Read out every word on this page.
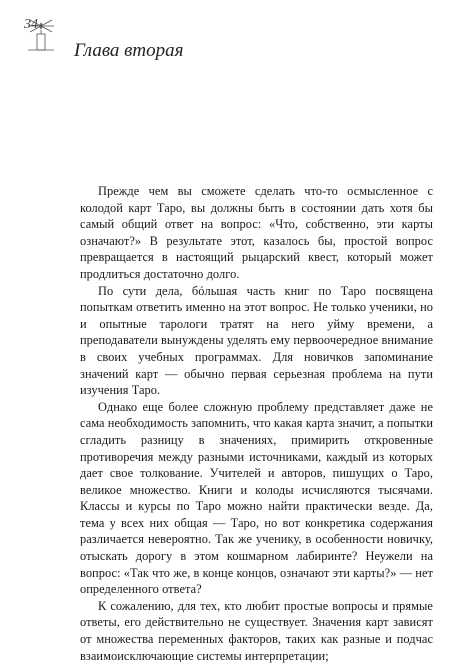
34
Глава вторая

Прежде чем вы сможете сделать что-то осмысленное с колодой карт Таро, вы должны быть в состоянии дать хотя бы самый общий ответ на вопрос: «Что, собственно, эти карты означают?» В результате этот, казалось бы, простой вопрос превращается в настоящий рыцарский квест, который может продлиться достаточно долго.

По сути дела, бóльшая часть книг по Таро посвящена попыткам ответить именно на этот вопрос. Не только ученики, но и опытные тарологи тратят на него уйму времени, а преподаватели вынуждены уделять ему первоочередное внимание в своих учебных программах. Для новичков запоминание значений карт — обычно первая серьезная проблема на пути изучения Таро.

Однако еще более сложную проблему представляет даже не сама необходимость запомнить, что какая карта значит, а попытки сгладить разницу в значениях, примирить откровенные противоречия между разными источниками, каждый из которых дает свое толкование. Учителей и авторов, пишущих о Таро, великое множество. Книги и колоды исчисляются тысячами. Классы и курсы по Таро можно найти практически везде. Да, тема у всех них общая — Таро, но вот конкретика содержания различается невероятно. Так же ученику, в особенности новичку, отыскать дорогу в этом кошмарном лабиринте? Неужели на вопрос: «Так что же, в конце концов, означают эти карты?» — нет определенного ответа?

К сожалению, для тех, кто любит простые вопросы и прямые ответы, его действительно не существует. Значения карт зависят от множества переменных факторов, таких как разные и подчас взаимоисключающие системы интерпретации;
